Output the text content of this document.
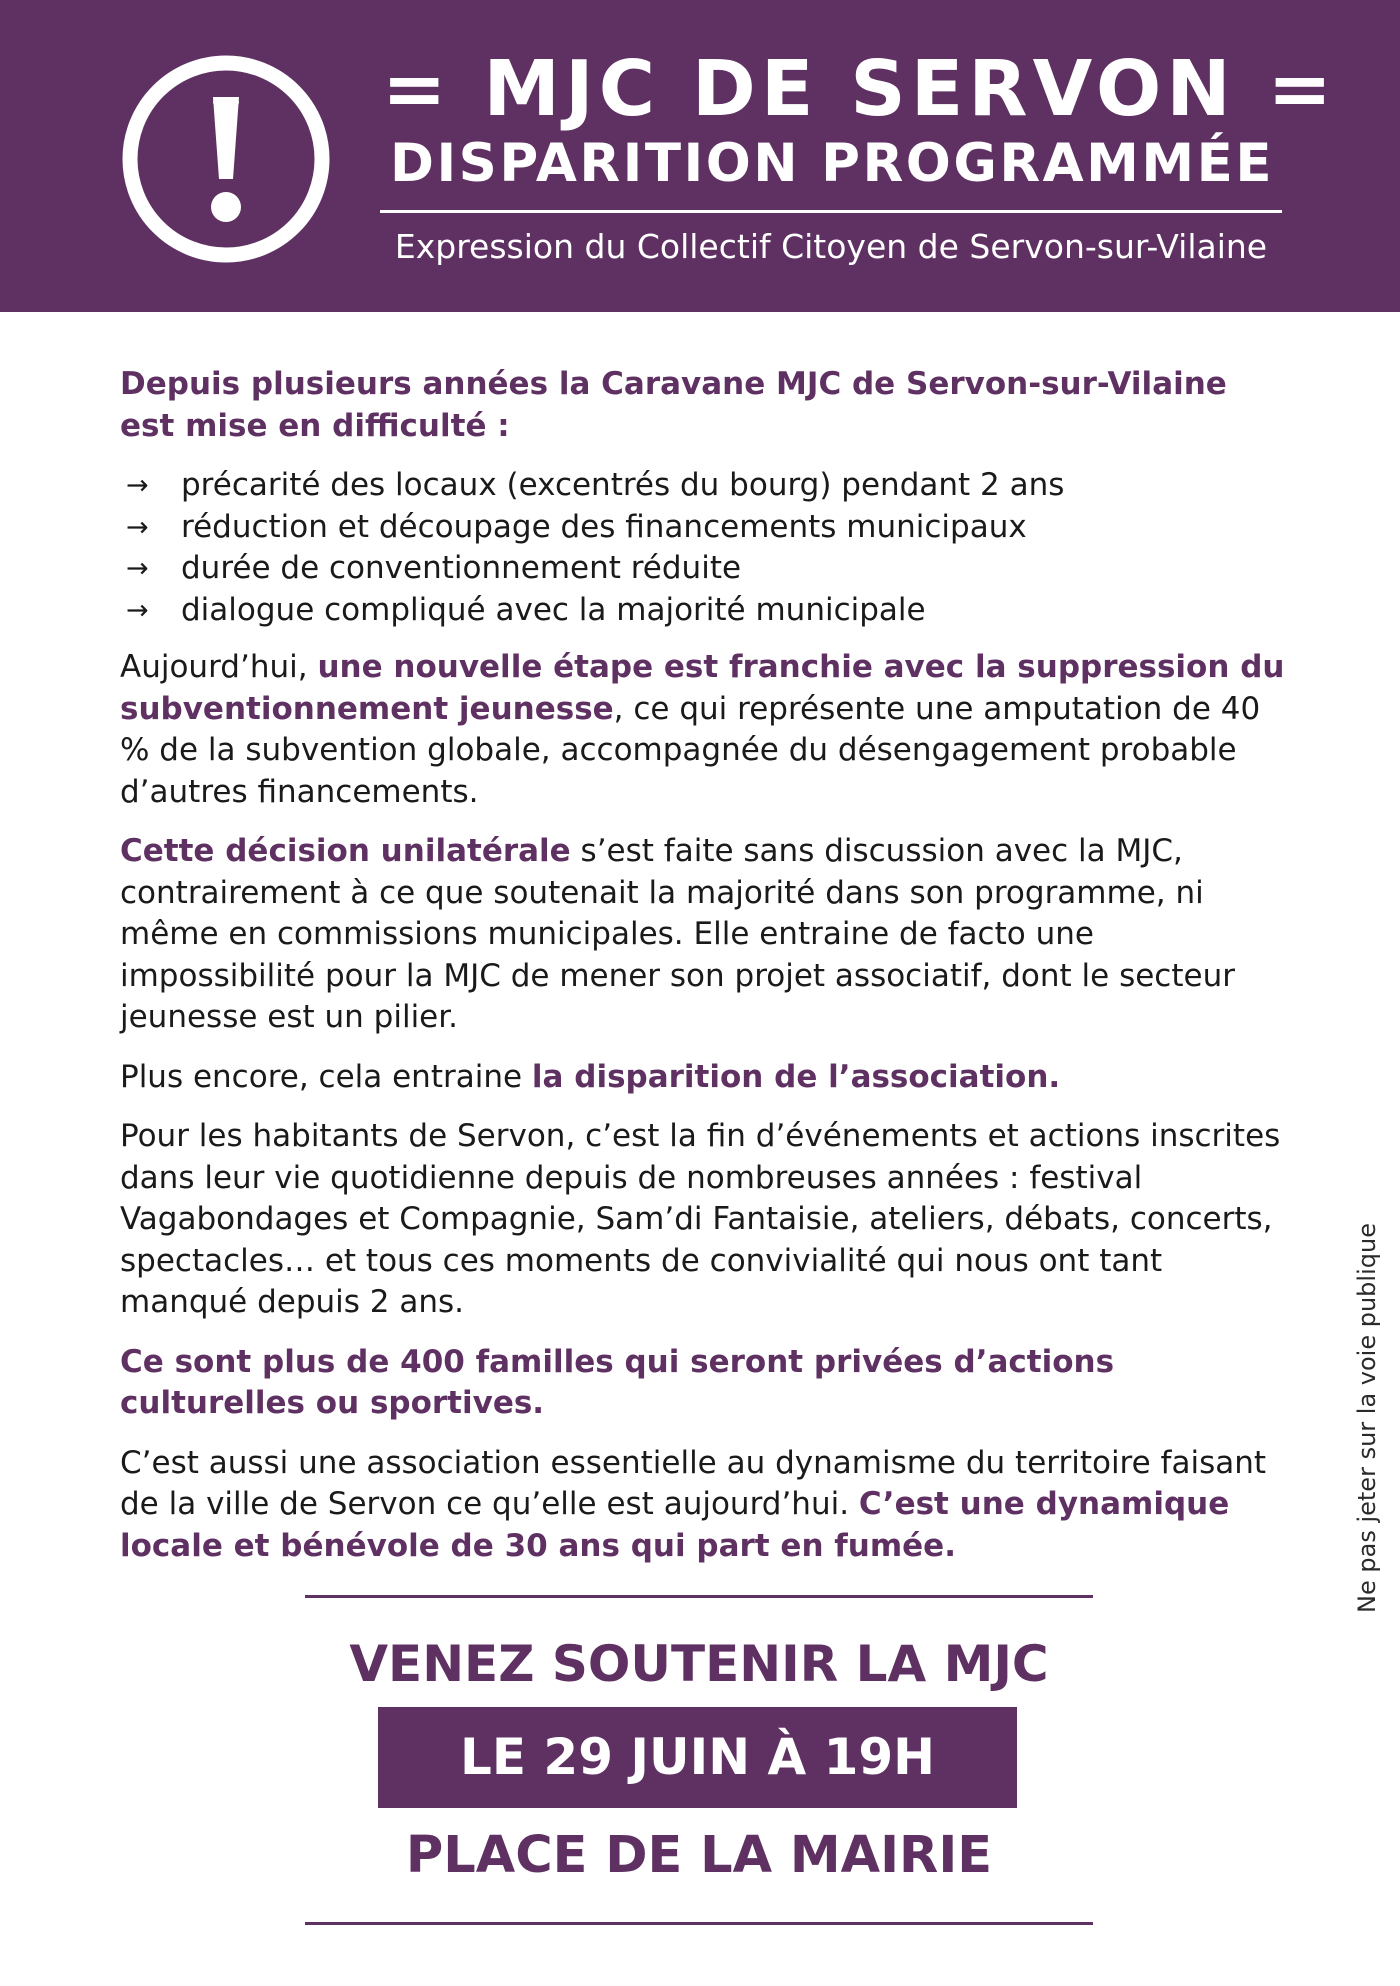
= MJC DE SERVON =
DISPARITION PROGRAMMÉE
Expression du Collectif Citoyen de Servon-sur-Vilaine

Depuis plusieurs années la Caravane MJC de Servon-sur-Vilaine est mise en difficulté :

→ précarité des locaux (excentrés du bourg) pendant 2 ans
→ réduction et découpage des financements municipaux
→ durée de conventionnement réduite
→ dialogue compliqué avec la majorité municipale

Aujourd’hui, une nouvelle étape est franchie avec la suppression du subventionnement jeunesse, ce qui représente une amputation de 40 % de la subvention globale, accompagnée du désengagement probable d’autres financements.

Cette décision unilatérale s’est faite sans discussion avec la MJC, contrairement à ce que soutenait la majorité dans son programme, ni même en commissions municipales. Elle entraine de facto une impossibilité pour la MJC de mener son projet associatif, dont le secteur jeunesse est un pilier.

Plus encore, cela entraine la disparition de l’association.

Pour les habitants de Servon, c’est la fin d’événements et actions inscrites dans leur vie quotidienne depuis de nombreuses années : festival Vagabondages et Compagnie, Sam’di Fantaisie, ateliers, débats, concerts, spectacles… et tous ces moments de convivialité qui nous ont tant manqué depuis 2 ans.

Ce sont plus de 400 familles qui seront privées d’actions culturelles ou sportives.

C’est aussi une association essentielle au dynamisme du territoire faisant de la ville de Servon ce qu’elle est aujourd’hui. C’est une dynamique locale et bénévole de 30 ans qui part en fumée.	Ne pas jeter sur la voie publique
VENEZ SOUTENIR LA MJC
LE 29 JUIN À 19H
PLACE DE LA MAIRIE
